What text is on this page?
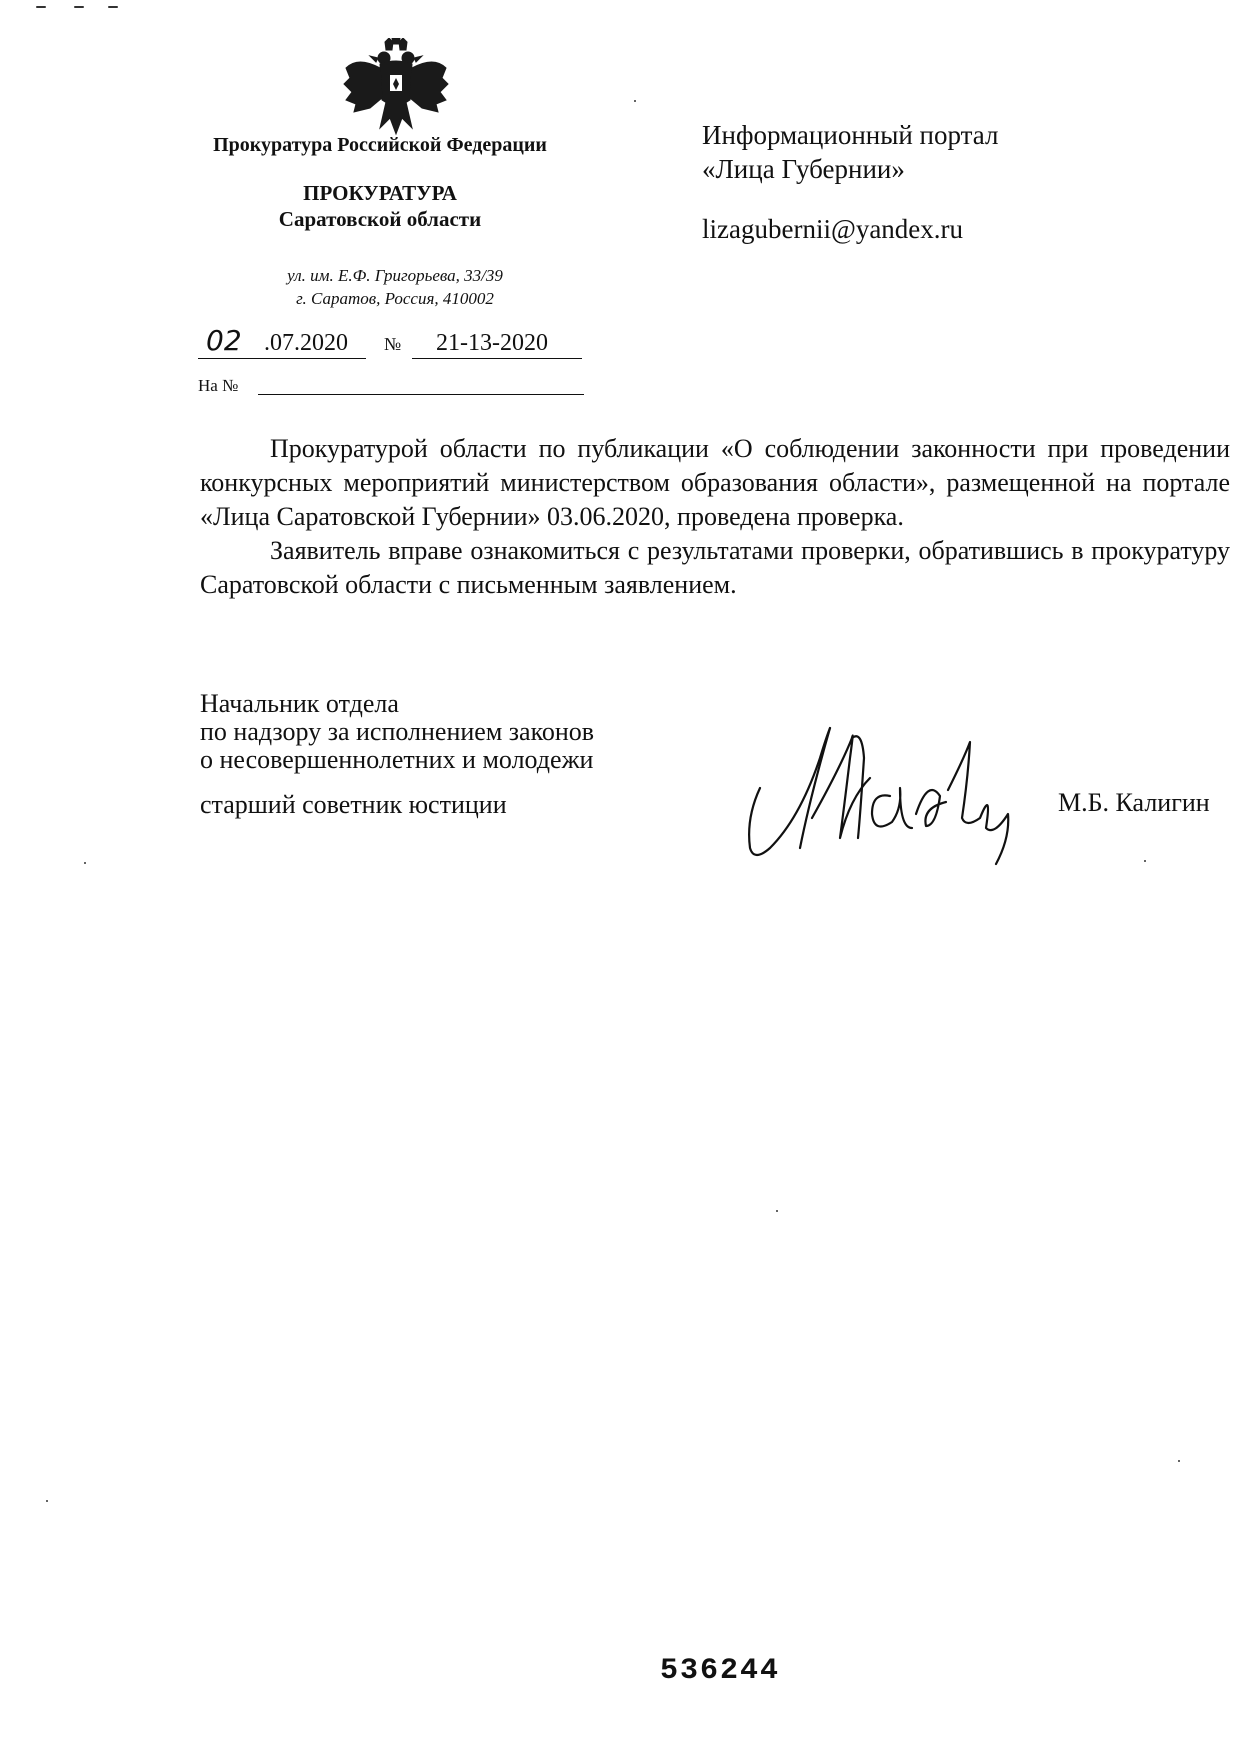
Прокуратура Российской Федерации
ПРОКУРАТУРА
Саратовской области
ул. им. Е.Ф. Григорьева, 33/39
г. Саратов, Россия, 410002
02 .07.2020 № 21-13-2020
На №
Информационный портал
«Лица Губернии»
lizagubernii@yandex.ru

Прокуратурой области по публикации «О соблюдении законности при проведении конкурсных мероприятий министерством образования области», размещенной на портале «Лица Саратовской Губернии» 03.06.2020, проведена проверка.

Заявитель вправе ознакомиться с результатами проверки, обратившись в прокуратуру Саратовской области с письменным заявлением.

Начальник отдела
по надзору за исполнением законов
о несовершеннолетних и молодежи
старший советник юстиции	М.Б. Калигин
536244
